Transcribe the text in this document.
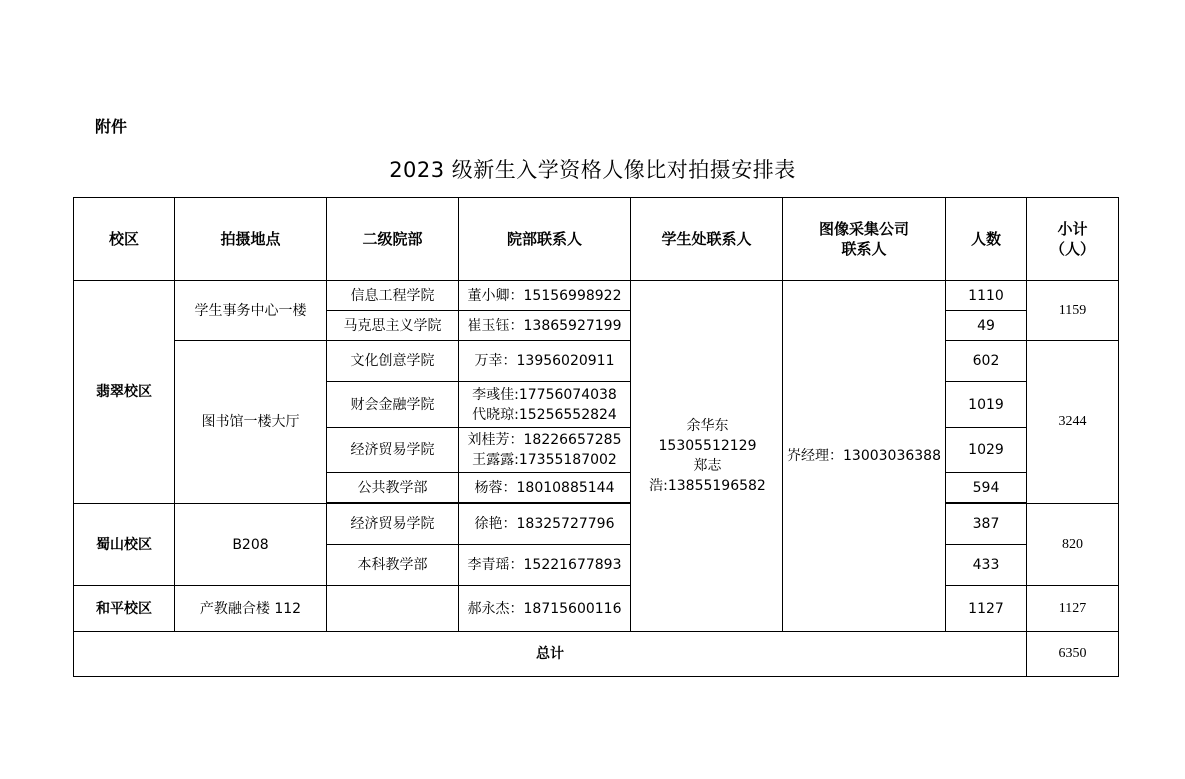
附件
2023 级新生入学资格人像比对拍摄安排表
校区	拍摄地点	二级院部	院部联系人	学生处联系人	图像采集公司
联系人	人数	小计
（人）

翡翠校区	学生事务中心一楼	信息工程学院	董小卿：15156998922	余华东 15305512129
郑志浩:13855196582	岕经理：13003036388	1110	1159
		马克思主义学院	崔玉钰：13865927199			49	
	图书馆一楼大厅	文化创意学院	万幸：13956020911			602	3244
		财会金融学院	李彧佳:17756074038
代晓琼:15256552824			1019	
		经济贸易学院	刘桂芳：18226657285
王露露:17355187002			1029	
		公共教学部	杨蓉：18010885144			594	

蜀山校区	B208	经济贸易学院	徐艳：18325727796			387	820
		本科教学部	李青瑶：15221677893			433	
和平校区	产教融合楼 112		郝永杰：18715600116			1127	1127
总计							6350
